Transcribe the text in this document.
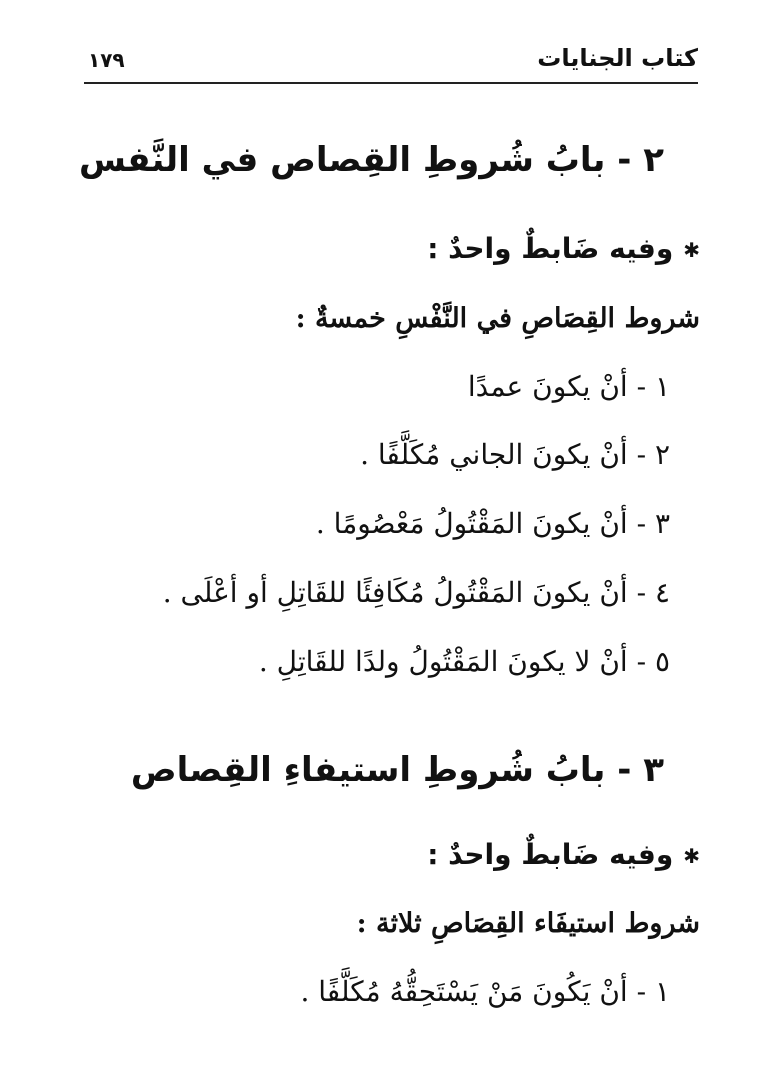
كتاب الجنايات
١٧٩
٢ - بابُ شُروطِ القِصاص في النَّفس
✱وفيه ضَابطٌ واحدٌ :
شروط القِصَاصِ في النَّفْسِ خمسةٌ :
١ - أنْ يكونَ عمدًا
٢ - أنْ يكونَ الجاني مُكَلَّفًا .
٣ - أنْ يكونَ المَقْتُولُ مَعْصُومًا .
٤ - أنْ يكونَ المَقْتُولُ مُكَافِئًا للقَاتِلِ أو أعْلَى .
٥ - أنْ لا يكونَ المَقْتُولُ ولدًا للقَاتِلِ .
٣ - بابُ شُروطِ استيفاءِ القِصاص
✱وفيه ضَابطٌ واحدٌ :
شروط استيفَاء القِصَاصِ ثلاثة :
١ - أنْ يَكُونَ مَنْ يَسْتَحِقُّهُ مُكَلَّفًا .
